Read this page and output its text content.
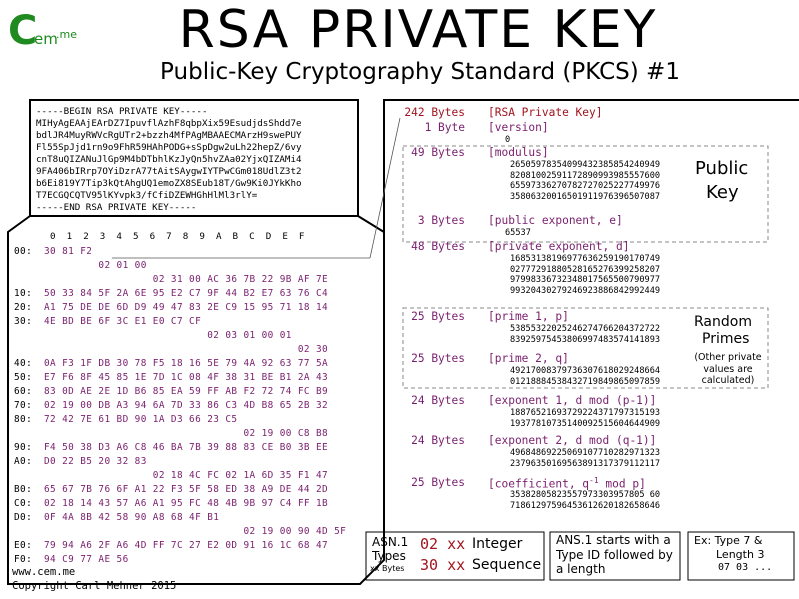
C
em
.me	RSA PRIVATE KEY
Public-Key Cryptography Standard (PKCS) #1
-----BEGIN RSA PRIVATE KEY-----
MIHyAgEAAjEArDZ7IpuvflAzhF8qbpXix59EsudjdsShdd7e
bdlJR4MuyRWVcRgUTr2+bzzh4MfPAgMBAAECMArzH9swePUY
Fl55SpJjd1rn9o9FhR59HAhPODG+sSpDgw2uLh22hepZ/6vy
cnT8uQIZANuJlGp9M4bDTbhlKzJyQn5hvZAa02YjxQIZAMi4
9FA406bIRrp7OYiDzrA77tAitSAygwIYTPwCGm018UdlZ3t2
b6Ei819Y7Tip3kQtAhgUQ1emoZX8SEub18T/Gw9Ki0JYkKho
T7ECGQCQTV95lKYvpk3/fCfiDZEWHGhHlMl3rlY=
-----END RSA PRIVATE KEY-----
0  1  2  3  4  5  6  7  8  9  A  B  C  D  E  F
00: 30 81 F2
02 01 00
02 31 00 AC 36 7B 22 9B AF 7E
10: 50 33 84 5F 2A 6E 95 E2 C7 9F 44 B2 E7 63 76 C4
20: A1 75 DE DE 6D D9 49 47 83 2E C9 15 95 71 18 14
30: 4E BD BE 6F 3C E1 E0 C7 CF
02 03 01 00 01
02 30
40: 0A F3 1F DB 30 78 F5 18 16 5E 79 4A 92 63 77 5A
50: E7 F6 8F 45 85 1E 7D 1C 08 4F 38 31 BE B1 2A 43
60: 83 0D AE 2E 1D B6 85 EA 59 FF AB F2 72 74 FC B9
70: 02 19 00 DB A3 94 6A 7D 33 86 C3 4D B8 65 2B 32
80: 72 42 7E 61 BD 90 1A D3 66 23 C5
02 19 00 C8 B8
90: F4 50 38 D3 A6 C8 46 BA 7B 39 88 83 CE B0 3B EE
A0: D0 22 B5 20 32 83
02 18 4C FC 02 1A 6D 35 F1 47
B0: 65 67 7B 76 6F A1 22 F3 5F 58 ED 38 A9 DE 44 2D
C0: 02 18 14 43 57 A6 A1 95 FC 48 4B 9B 97 C4 FF 1B
D0: 0F 4A 8B 42 58 90 A8 68 4F B1
02 19 00 90 4D 5F
E0: 79 94 A6 2F A6 4D FF 7C 27 E2 0D 91 16 1C 68 47
F0: 94 C9 77 AE 56
242 Bytes [RSA Private Key]
1 Byte [version]
0
49 Bytes [modulus]
26505978354099432385854240949
82081002591172890993985557600
65597336270782727025227749976
35806320016501911976396507087
3 Bytes [public exponent, e]
65537
48 Bytes [private exponent, d]
16853138196977636259190170749
02777291880528165276399258207
97998336732348017565500790977
99320430279246923886842992449
25 Bytes [prime 1, p]
53855322025246274766204372722
83925975453806997483574141893
25 Bytes [prime 2, q]
49217008379736307618029248664
01218884538432719849865097859
24 Bytes [exponent 1, d mod (p-1)]
18876521693729224371797315193
19377810735140092515604644909
24 Bytes [exponent 2, d mod (q-1)]
49684869225069107710282971323
23796350169563891317379112117
25 Bytes [coefficient, $q^{-1}$ mod p]
35382805823557973303957805 60
71861297596453612620182658646
Public
Key
Random
Primes
(Other private values are calculated)
ASN.1
Types
xx Bytes
02 xx Integer
30 xx Sequence
ANS.1 starts with a Type ID followed by a length
Ex: Type 7 &
Length 3
07 03 ...
www.cem.me
Copyright Carl Mehner 2015
